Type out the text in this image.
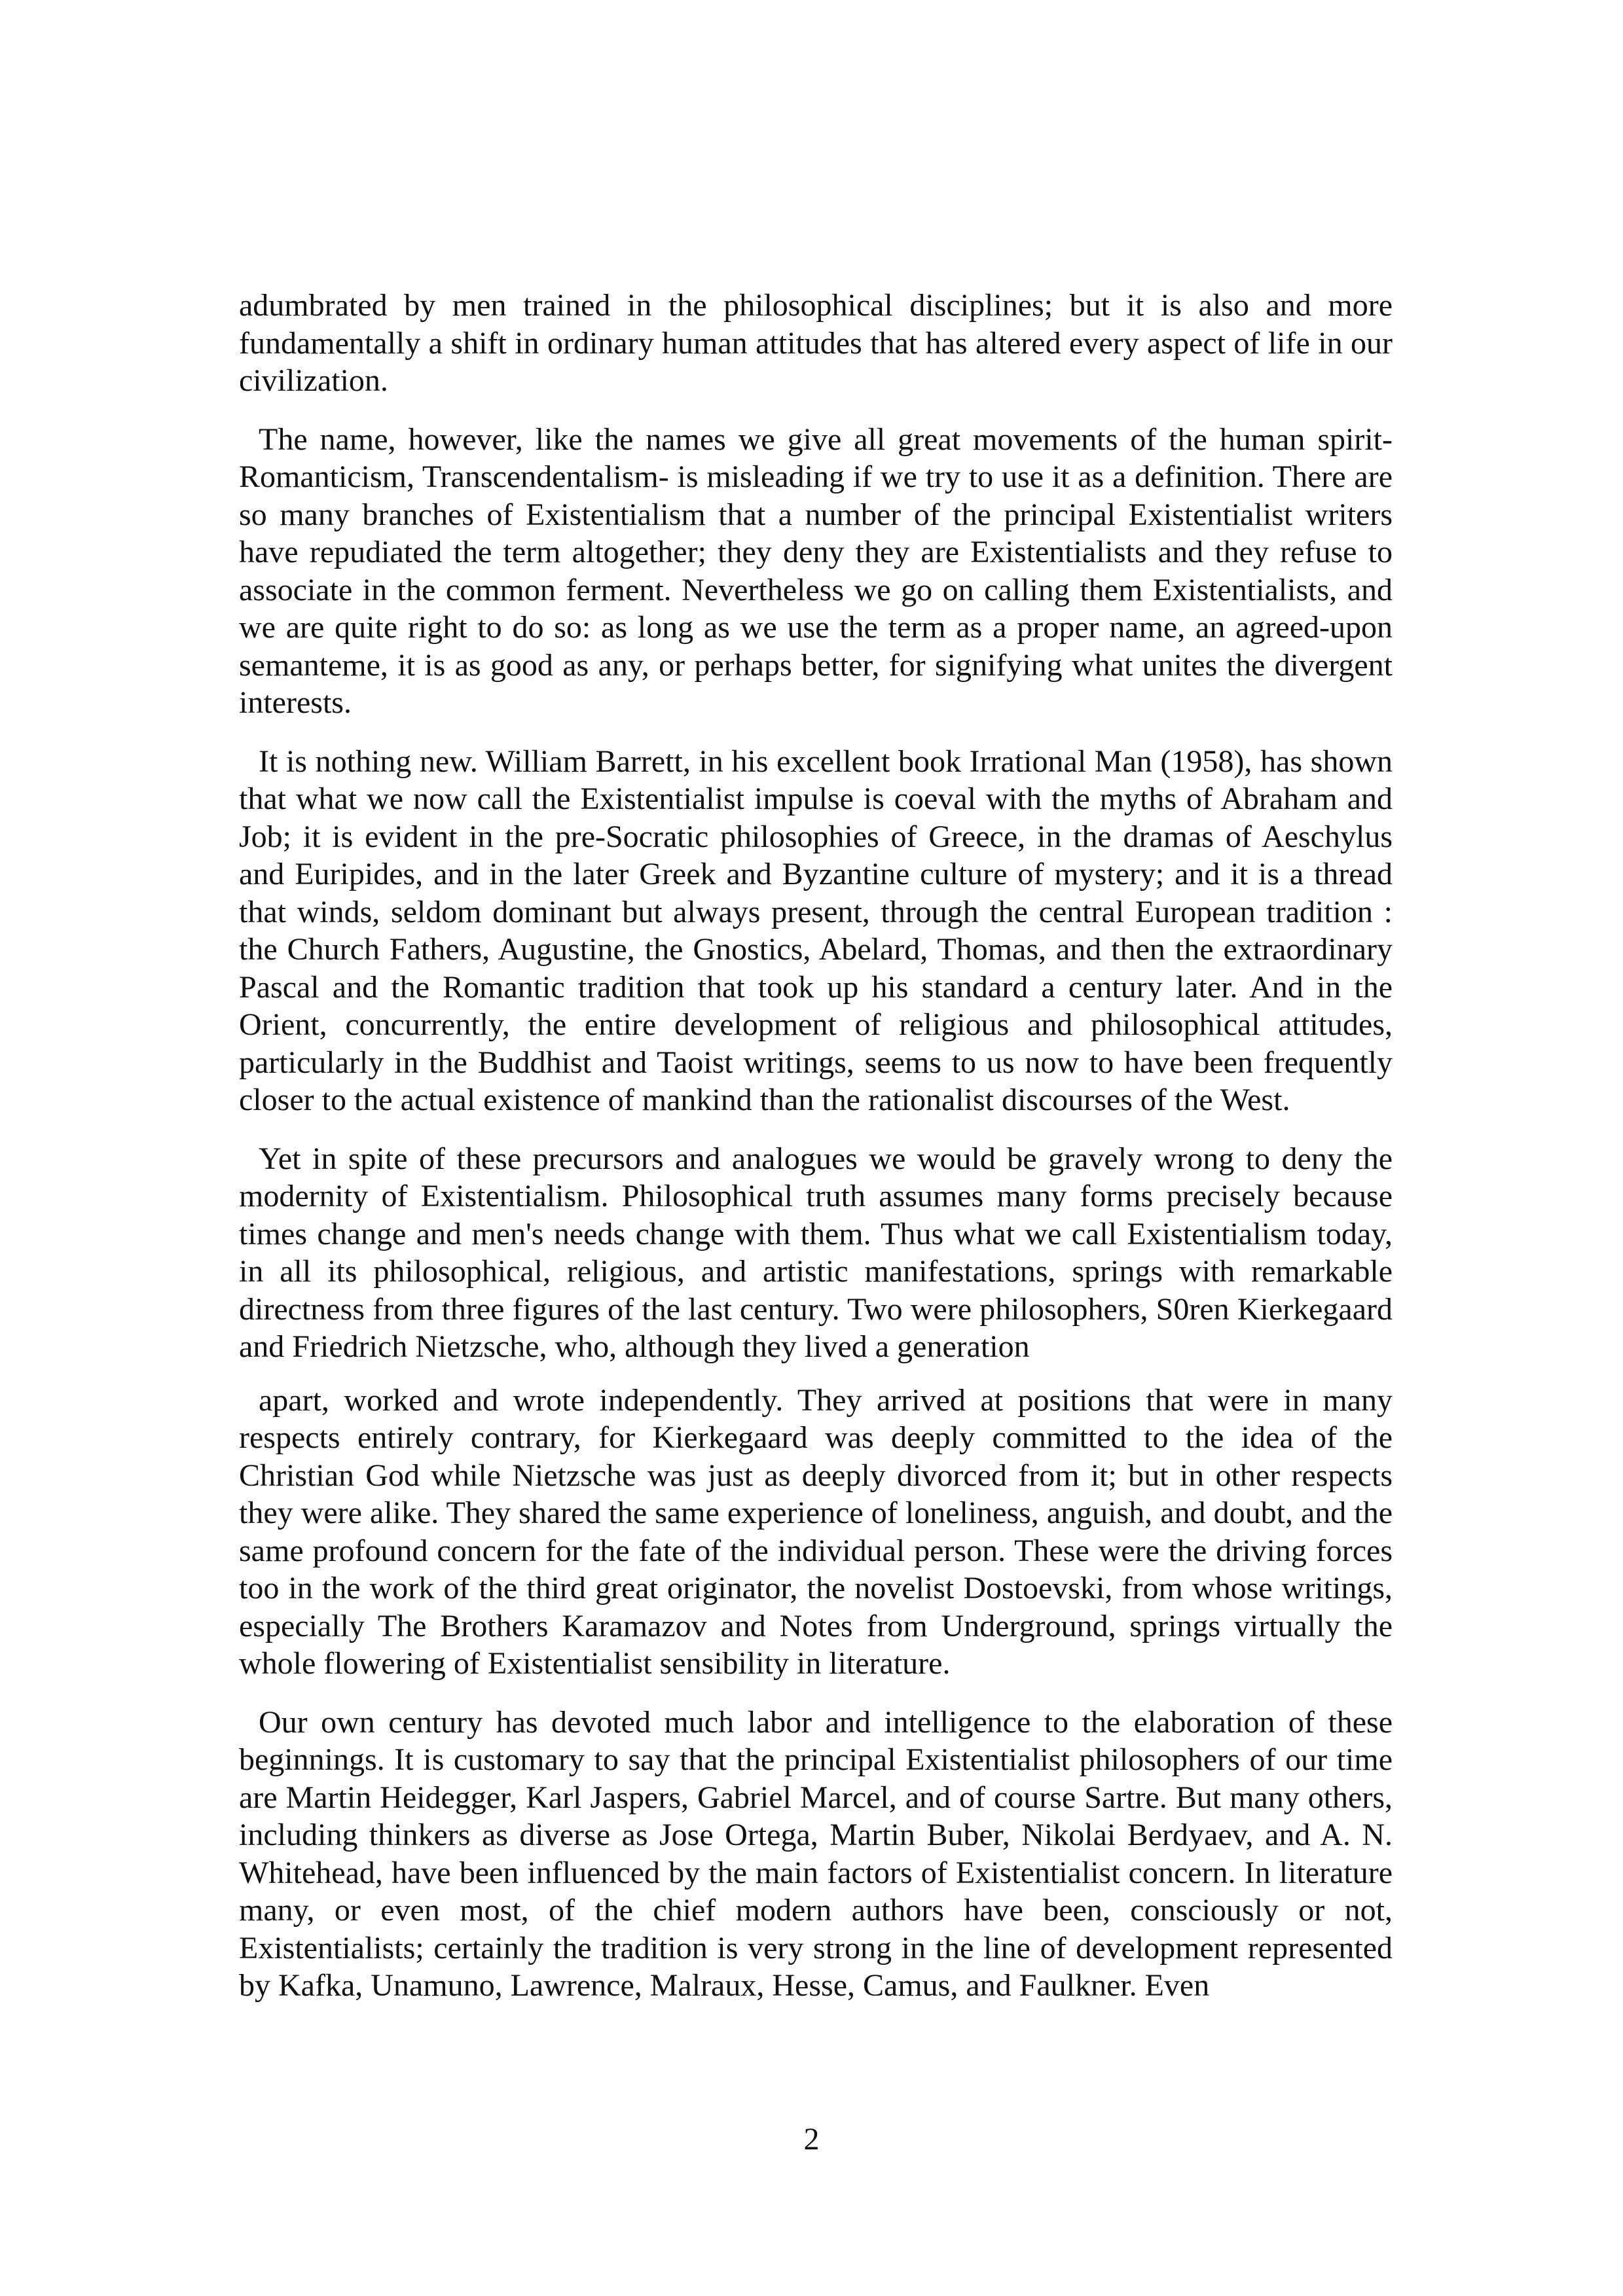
adumbrated by men trained in the philosophical disciplines; but it is also and more fundamentally a shift in ordinary human attitudes that has altered every aspect of life in our civilization.

The name, however, like the names we give all great movements of the human spirit-Romanticism, Transcendentalism- is misleading if we try to use it as a definition. There are so many branches of Existentialism that a number of the principal Existentialist writers have repudiated the term altogether; they deny they are Existentialists and they refuse to associate in the common ferment. Nevertheless we go on calling them Existentialists, and we are quite right to do so: as long as we use the term as a proper name, an agreed-upon semanteme, it is as good as any, or perhaps better, for signifying what unites the divergent interests.

It is nothing new. William Barrett, in his excellent book Irrational Man (1958), has shown that what we now call the Existentialist impulse is coeval with the myths of Abraham and Job; it is evident in the pre-Socratic philosophies of Greece, in the dramas of Aeschylus and Euripides, and in the later Greek and Byzantine culture of mystery; and it is a thread that winds, seldom dominant but always present, through the central European tradition : the Church Fathers, Augustine, the Gnostics, Abelard, Thomas, and then the extraordinary Pascal and the Romantic tradition that took up his standard a century later. And in the Orient, concurrently, the entire development of religious and philosophical attitudes, particularly in the Buddhist and Taoist writings, seems to us now to have been frequently closer to the actual existence of mankind than the rationalist discourses of the West.

Yet in spite of these precursors and analogues we would be gravely wrong to deny the modernity of Existentialism. Philosophical truth assumes many forms precisely because times change and men's needs change with them. Thus what we call Existentialism today, in all its philosophical, religious, and artistic manifestations, springs with remarkable directness from three figures of the last century. Two were philosophers, S0ren Kierkegaard and Friedrich Nietzsche, who, although they lived a generation

apart, worked and wrote independently. They arrived at positions that were in many respects entirely contrary, for Kierkegaard was deeply committed to the idea of the Christian God while Nietzsche was just as deeply divorced from it; but in other respects they were alike. They shared the same experience of loneliness, anguish, and doubt, and the same profound concern for the fate of the individual person. These were the driving forces too in the work of the third great originator, the novelist Dostoevski, from whose writings, especially The Brothers Karamazov and Notes from Underground, springs virtually the whole flowering of Existentialist sensibility in literature.

Our own century has devoted much labor and intelligence to the elaboration of these beginnings. It is customary to say that the principal Existentialist philosophers of our time are Martin Heidegger, Karl Jaspers, Gabriel Marcel, and of course Sartre. But many others, including thinkers as diverse as Jose Ortega, Martin Buber, Nikolai Berdyaev, and A. N. Whitehead, have been influenced by the main factors of Existentialist concern. In literature many, or even most, of the chief modern authors have been, consciously or not, Existentialists; certainly the tradition is very strong in the line of development represented by Kafka, Unamuno, Lawrence, Malraux, Hesse, Camus, and Faulkner. Even

2
